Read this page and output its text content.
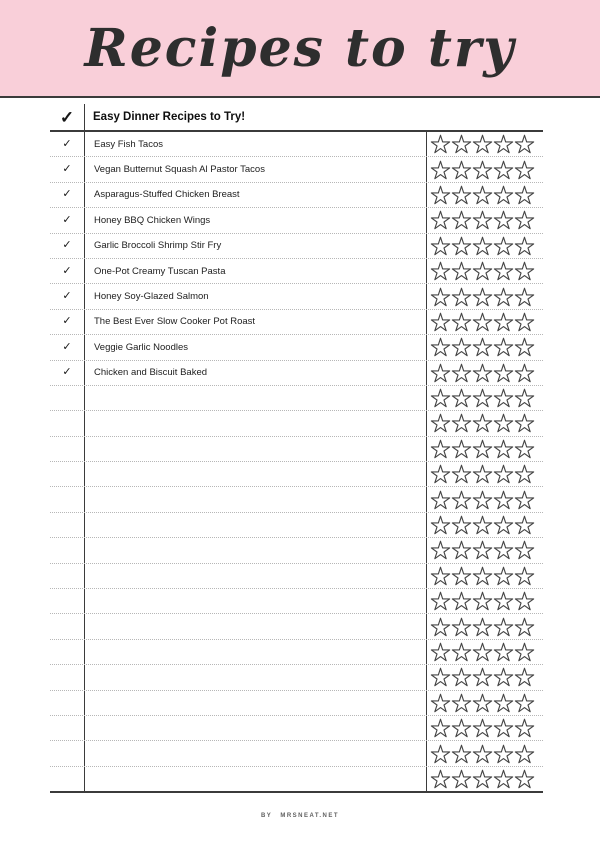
Recipes to try
✓	Easy Dinner Recipes to Try!
✓	Easy Fish Tacos
✓	Vegan Butternut Squash Al Pastor Tacos
✓	Asparagus-Stuffed Chicken Breast
✓	Honey BBQ Chicken Wings
✓	Garlic Broccoli Shrimp Stir Fry
✓	One-Pot Creamy Tuscan Pasta
✓	Honey Soy-Glazed Salmon
✓	The Best Ever Slow Cooker Pot Roast
✓	Veggie Garlic Noodles
✓	Chicken and Biscuit Baked
BY MRSNEAT.NET
